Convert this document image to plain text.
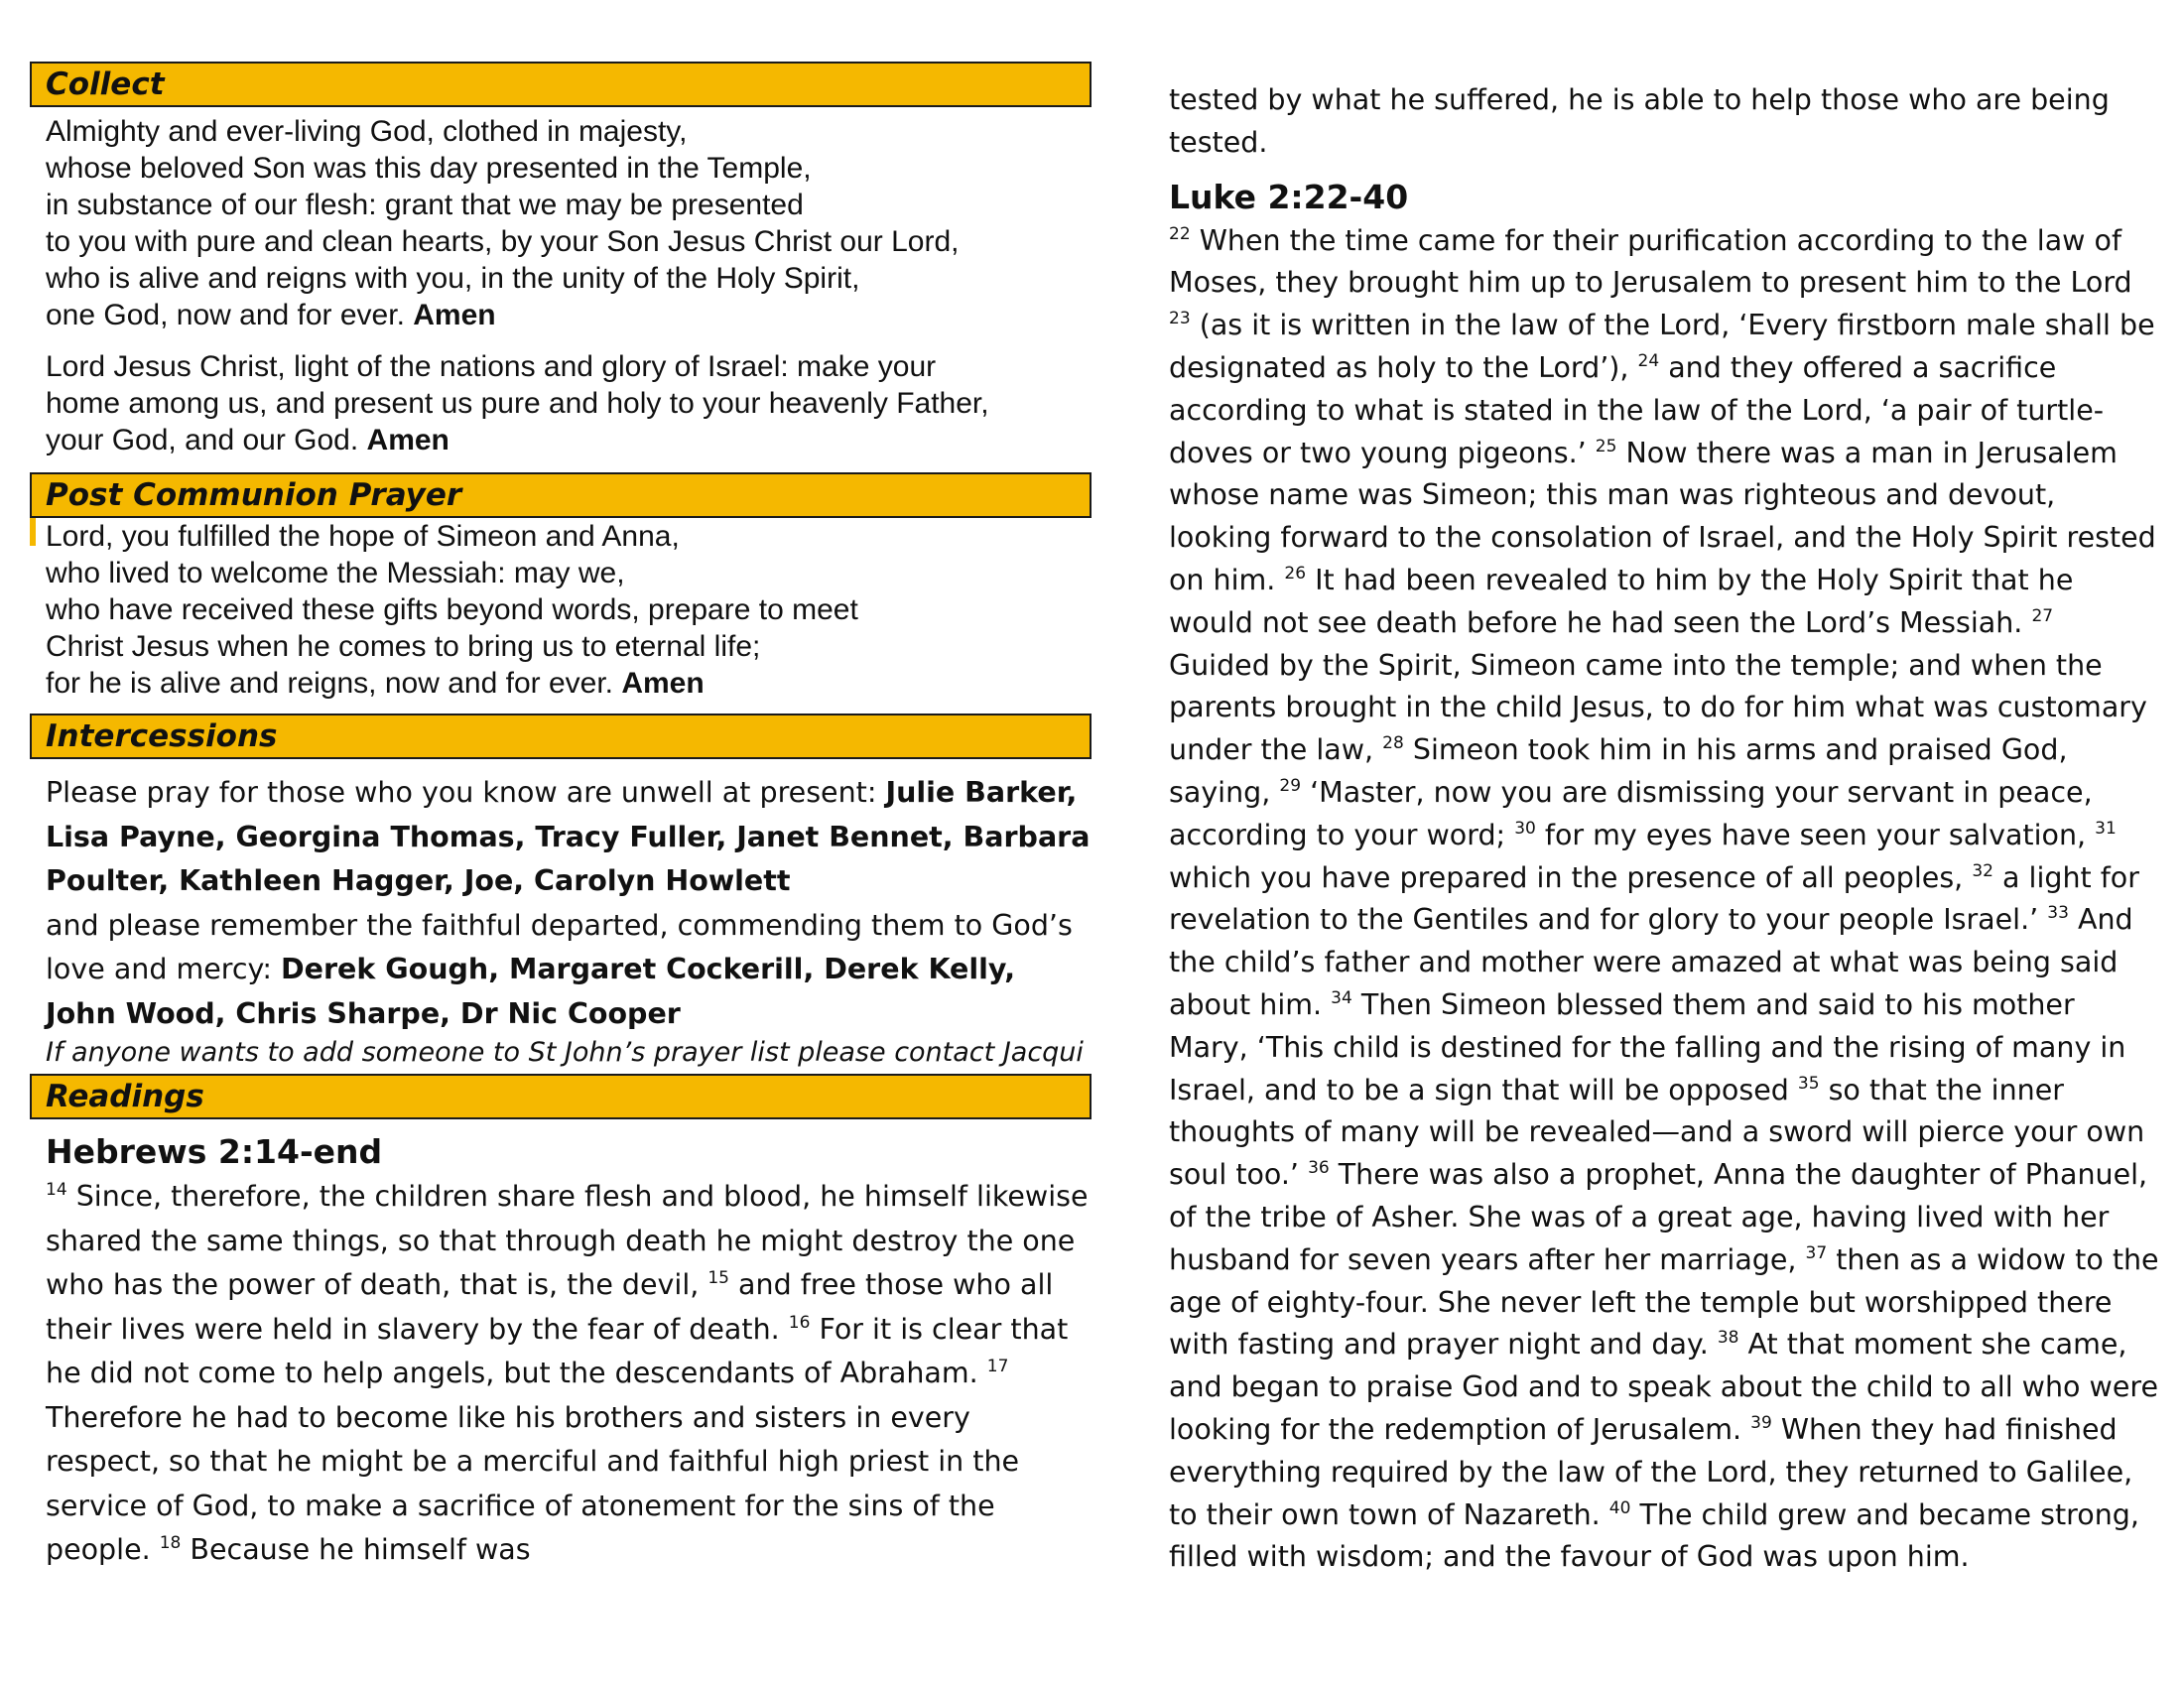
Collect

Almighty and ever-living God, clothed in majesty,

whose beloved Son was this day presented in the Temple,

in substance of our flesh: grant that we may be presented

to you with pure and clean hearts, by your Son Jesus Christ our Lord,

who is alive and reigns with you, in the unity of the Holy Spirit,

one God, now and for ever. Amen

Lord Jesus Christ, light of the nations and glory of Israel: make your

home among us, and present us pure and holy to your heavenly Father,

your God, and our God. Amen

Post Communion Prayer

Lord, you fulfilled the hope of Simeon and Anna,

who lived to welcome the Messiah: may we,

who have received these gifts beyond words, prepare to meet

Christ Jesus when he comes to bring us to eternal life;

for he is alive and reigns, now and for ever. Amen

Intercessions

Please pray for those who you know are unwell at present: Julie Barker, Lisa Payne, Georgina Thomas, Tracy Fuller, Janet Bennet, Barbara Poulter, Kathleen Hagger, Joe, Carolyn Howlett

and please remember the faithful departed, commending them to God’s love and mercy: Derek Gough, Margaret Cockerill, Derek Kelly, John Wood, Chris Sharpe, Dr Nic Cooper

If anyone wants to add someone to St John’s prayer list please contact Jacqui

Readings

Hebrews 2:14-end

$^{14}$ Since, therefore, the children share flesh and blood, he himself likewise shared the same things, so that through death he might destroy the one who has the power of death, that is, the devil, $^{15}$ and free those who all their lives were held in slavery by the fear of death. $^{16}$ For it is clear that he did not come to help angels, but the descendants of Abraham. $^{17}$ Therefore he had to become like his brothers and sisters in every respect, so that he might be a merciful and faithful high priest in the service of God, to make a sacrifice of atonement for the sins of the people. $^{18}$ Because he himself was

tested by what he suffered, he is able to help those who are being tested.

Luke 2:22-40

$^{22}$ When the time came for their purification according to the law of Moses, they brought him up to Jerusalem to present him to the Lord $^{23}$ (as it is written in the law of the Lord, ‘Every firstborn male shall be designated as holy to the Lord’), $^{24}$ and they offered a sacrifice according to what is stated in the law of the Lord, ‘a pair of turtle-doves or two young pigeons.’ $^{25}$ Now there was a man in Jerusalem whose name was Simeon; this man was righteous and devout, looking forward to the consolation of Israel, and the Holy Spirit rested on him. $^{26}$ It had been revealed to him by the Holy Spirit that he would not see death before he had seen the Lord’s Messiah. $^{27}$ Guided by the Spirit, Simeon came into the temple; and when the parents brought in the child Jesus, to do for him what was customary under the law, $^{28}$ Simeon took him in his arms and praised God, saying, $^{29}$ ‘Master, now you are dismissing your servant in peace, according to your word; $^{30}$ for my eyes have seen your salvation, $^{31}$ which you have prepared in the presence of all peoples, $^{32}$ a light for revelation to the Gentiles and for glory to your people Israel.’ $^{33}$ And the child’s father and mother were amazed at what was being said about him. $^{34}$ Then Simeon blessed them and said to his mother Mary, ‘This child is destined for the falling and the rising of many in Israel, and to be a sign that will be opposed $^{35}$ so that the inner thoughts of many will be revealed—and a sword will pierce your own soul too.’ $^{36}$ There was also a prophet, Anna the daughter of Phanuel, of the tribe of Asher. She was of a great age, having lived with her husband for seven years after her marriage, $^{37}$ then as a widow to the age of eighty-four. She never left the temple but worshipped there with fasting and prayer night and day. $^{38}$ At that moment she came, and began to praise God and to speak about the child to all who were looking for the redemption of Jerusalem. $^{39}$ When they had finished everything required by the law of the Lord, they returned to Galilee, to their own town of Nazareth. $^{40}$ The child grew and became strong, filled with wisdom; and the favour of God was upon him.
